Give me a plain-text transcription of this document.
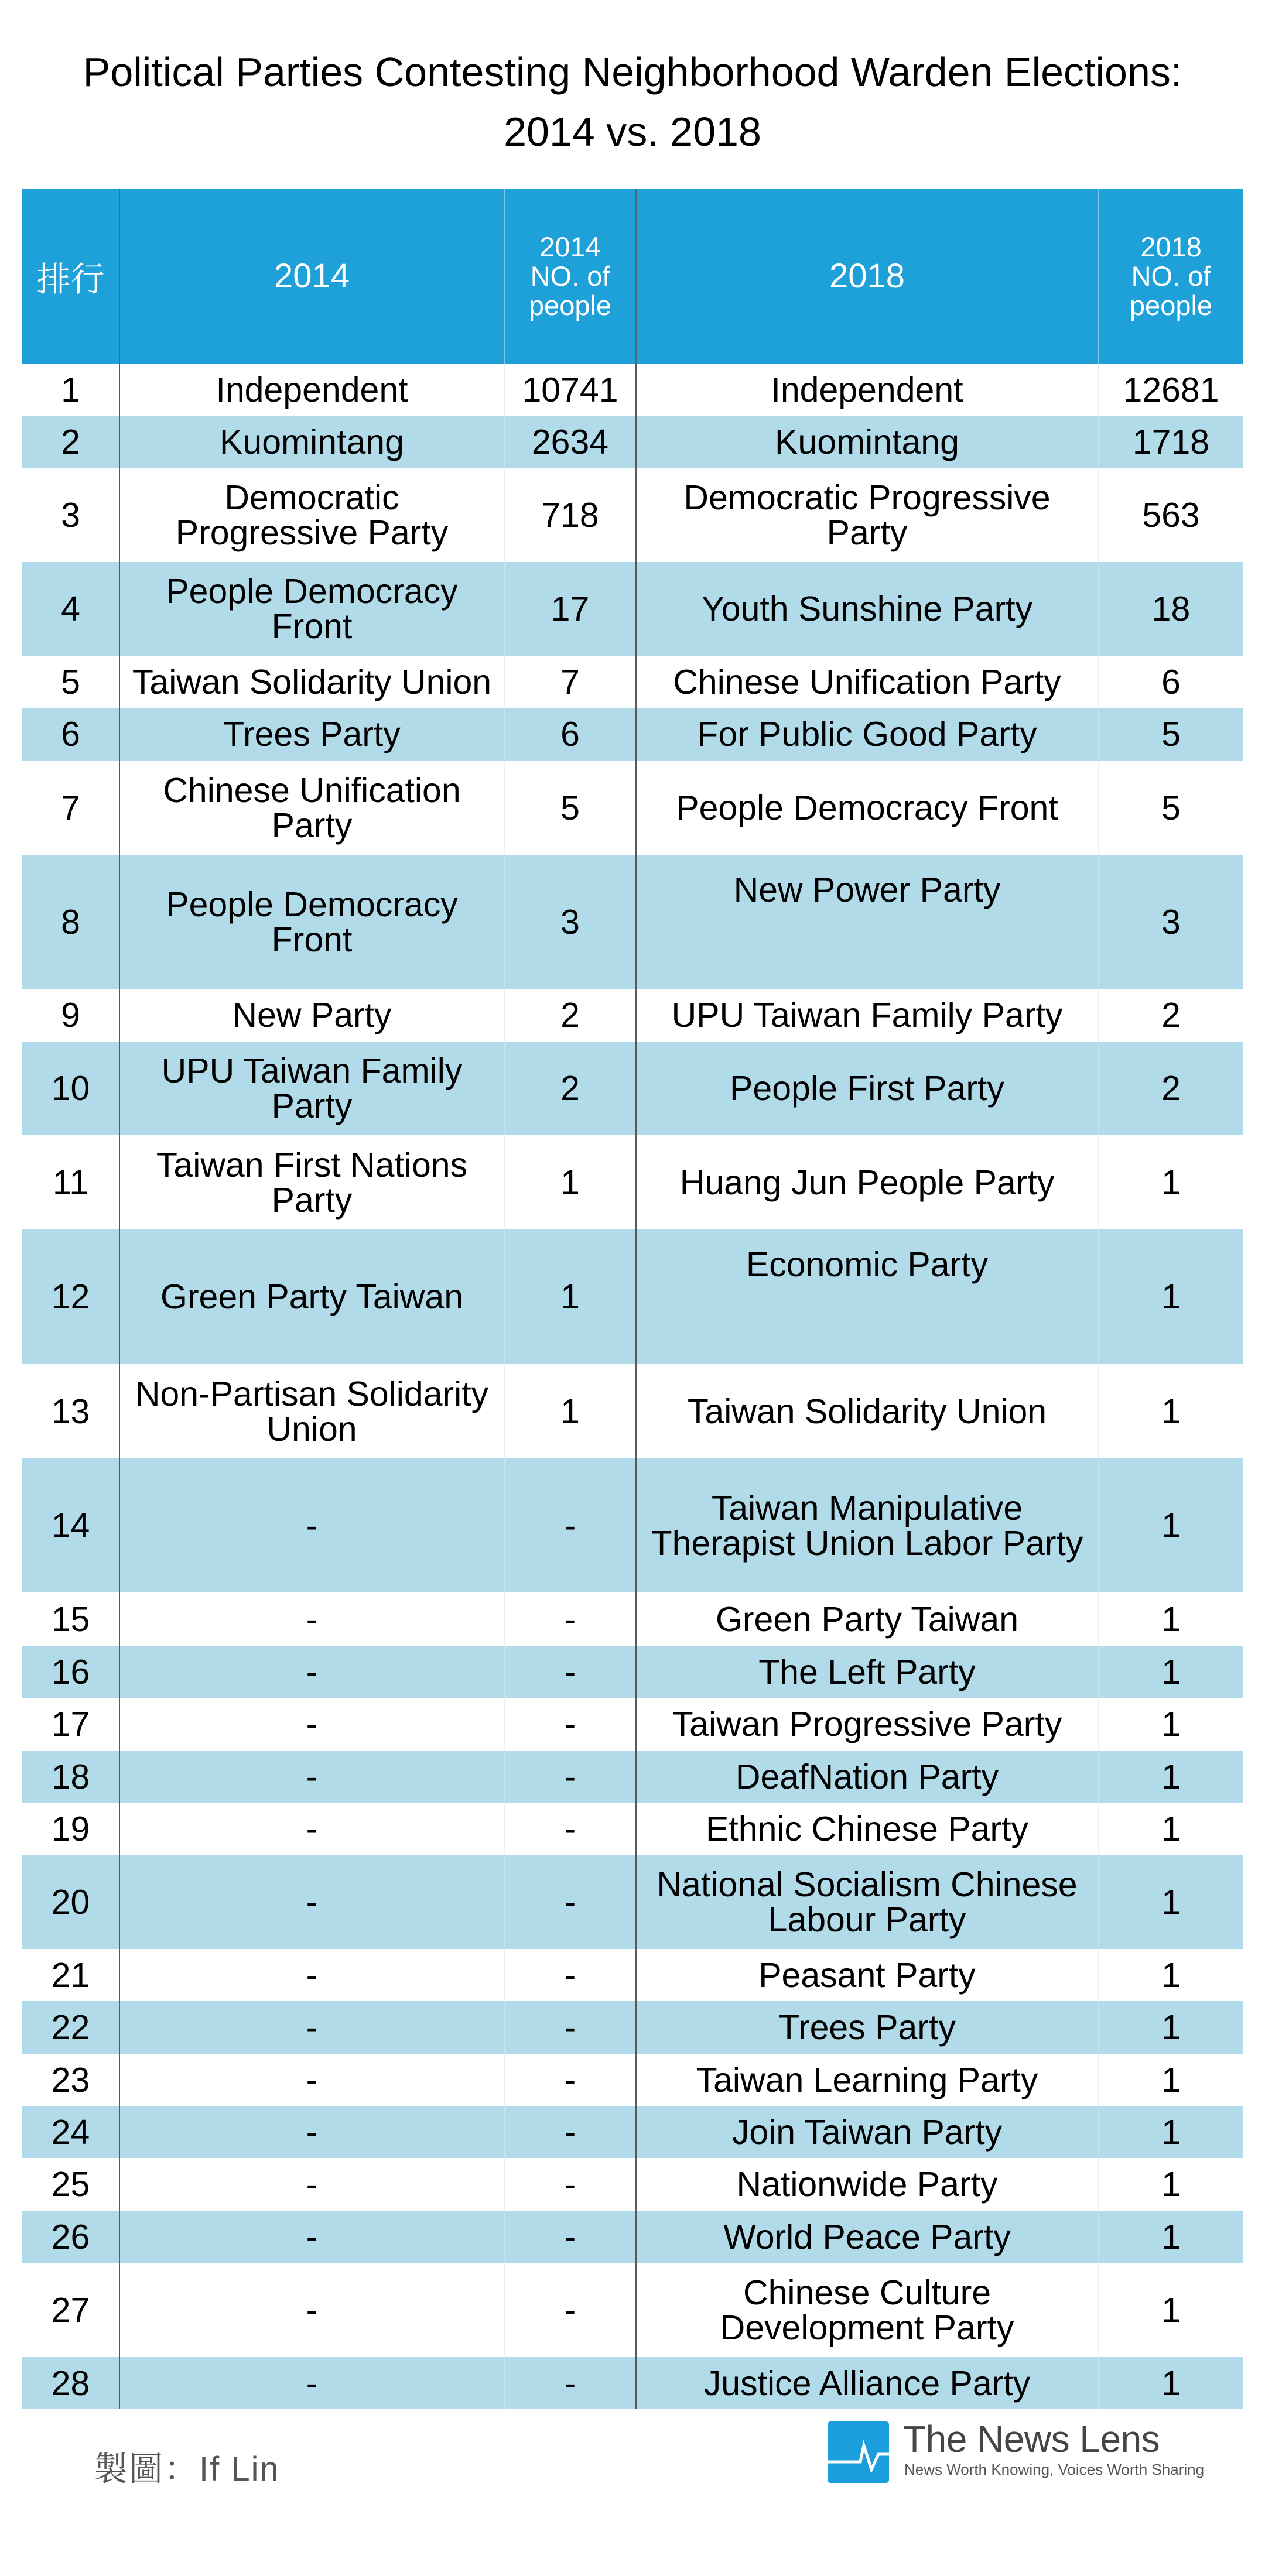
Political Parties Contesting Neighborhood Warden Elections:
2014 vs. 2018
排行	2014	2014
NO. of
people	2018	2018
NO. of
people

1	Independent	10741	Independent	12681
2	Kuomintang	2634	Kuomintang	1718
3	Democratic
Progressive Party	718	Democratic Progressive
Party	563
4	People Democracy
Front	17	Youth Sunshine Party	18
5	Taiwan Solidarity Union	7	Chinese Unification Party	6
6	Trees Party	6	For Public Good Party	5
7	Chinese Unification
Party	5	People Democracy Front	5
8	People Democracy
Front	3	New Power Party	3
9	New Party	2	UPU Taiwan Family Party	2
10	UPU Taiwan Family
Party	2	People First Party	2
11	Taiwan First Nations
Party	1	Huang Jun People Party	1
12	Green Party Taiwan	1	Economic Party	1
13	Non-Partisan Solidarity
Union	1	Taiwan Solidarity Union	1
14	-	-	Taiwan Manipulative
Therapist Union Labor Party	1
15	-	-	Green Party Taiwan	1
16	-	-	The Left Party	1
17	-	-	Taiwan Progressive Party	1
18	-	-	DeafNation Party	1
19	-	-	Ethnic Chinese Party	1
20	-	-	National Socialism Chinese
Labour Party	1
21	-	-	Peasant Party	1
22	-	-	Trees Party	1
23	-	-	Taiwan Learning Party	1
24	-	-	Join Taiwan Party	1
25	-	-	Nationwide Party	1
26	-	-	World Peace Party	1
27	-	-	Chinese Culture
Development Party	1
28	-	-	Justice Alliance Party	1
製圖：If Lin
The News Lens
News Worth Knowing, Voices Worth Sharing
